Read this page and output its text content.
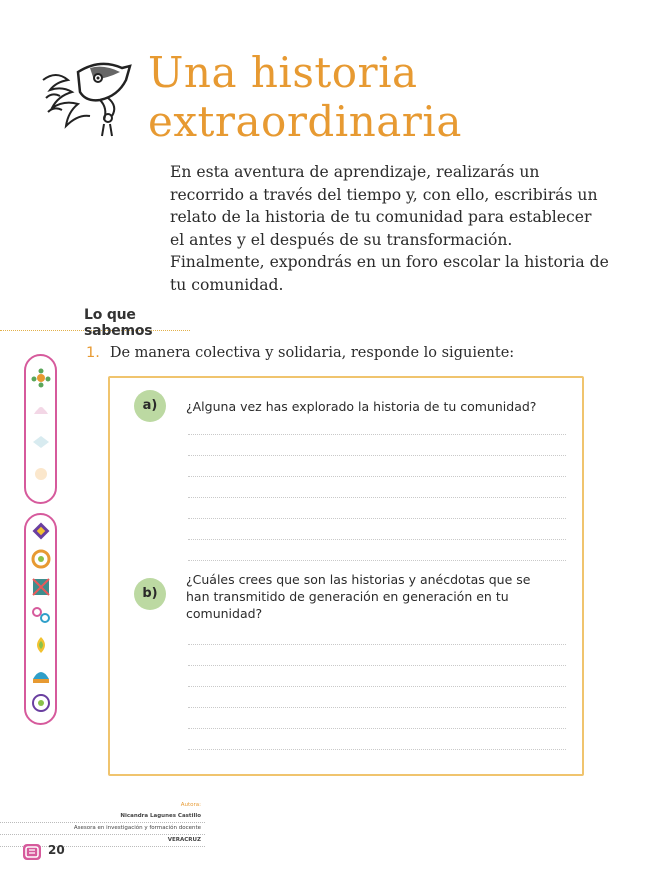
Una historia
extraordinaria

En esta aventura de aprendizaje, realizarás un recorrido a través del tiempo y, con ello, escribirás un relato de la historia de tu comunidad para establecer el antes y el después de su transformación. Finalmente, expondrás en un foro escolar la historia de tu comunidad.

Lo que sabemos
1. De manera colectiva y solidaria, responde lo siguiente:
a)	¿Alguna vez has explorado la historia de tu comunidad?
b)
¿Cuáles crees que son las historias y anécdotas que se han transmitido de generación en generación en tu comunidad?
Autora:
Nicandra Lagunes Castillo
Asesora en investigación y formación docente
VERACRUZ
20
